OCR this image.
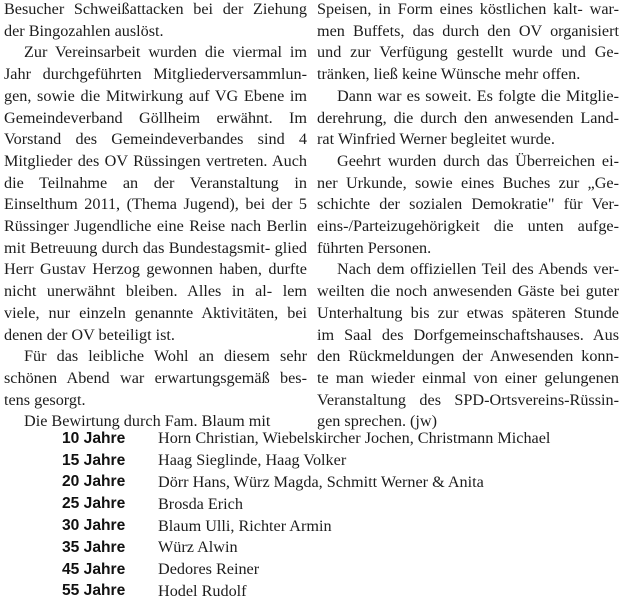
Besucher Schweißattacken bei der Ziehung der Bingozahlen auslöst.

Zur Vereinsarbeit wurden die viermal im Jahr durchgeführten Mitgliederversammlun- gen, sowie die Mitwirkung auf VG Ebene im Gemeindeverband Göllheim erwähnt. Im Vorstand des Gemeindeverbandes sind 4 Mitglieder des OV Rüssingen vertreten. Auch die Teilnahme an der Veranstaltung in Einselthum 2011, (Thema Jugend), bei der 5 Rüssinger Jugendliche eine Reise nach Berlin mit Betreuung durch das Bundestagsmit- glied Herr Gustav Herzog gewonnen haben, durfte nicht unerwähnt bleiben. Alles in al- lem viele, nur einzeln genannte Aktivitäten, bei denen der OV beteiligt ist.

Für das leibliche Wohl an diesem sehr schönen Abend war erwartungsgemäß bes- tens gesorgt.

Die Bewirtung durch Fam. Blaum mit

Speisen, in Form eines köstlichen kalt- war- men Buffets, das durch den OV organisiert und zur Verfügung gestellt wurde und Ge- tränken, ließ keine Wünsche mehr offen.

Dann war es soweit. Es folgte die Mitglie- derehrung, die durch den anwesenden Land- rat Winfried Werner begleitet wurde.

Geehrt wurden durch das Überreichen ei- ner Urkunde, sowie eines Buches zur „Ge- schichte der sozialen Demokratie" für Ver- eins-/Parteizugehörigkeit die unten aufge- führten Personen.

Nach dem offiziellen Teil des Abends ver- weilten die noch anwesenden Gäste bei guter Unterhaltung bis zur etwas späteren Stunde im Saal des Dorfgemeinschaftshauses. Aus den Rückmeldungen der Anwesenden konn- te man wieder einmal von einer gelungenen Veranstaltung des SPD-Ortsvereins-Rüssin- gen sprechen. (jw)

10 Jahre	Horn Christian, Wiebelskircher Jochen, Christmann Michael
15 Jahre	Haag Sieglinde, Haag Volker
20 Jahre	Dörr Hans, Würz Magda, Schmitt Werner & Anita
25 Jahre	Brosda Erich
30 Jahre	Blaum Ulli, Richter Armin
35 Jahre	Würz Alwin
45 Jahre	Dedores Reiner
55 Jahre	Hodel Rudolf
